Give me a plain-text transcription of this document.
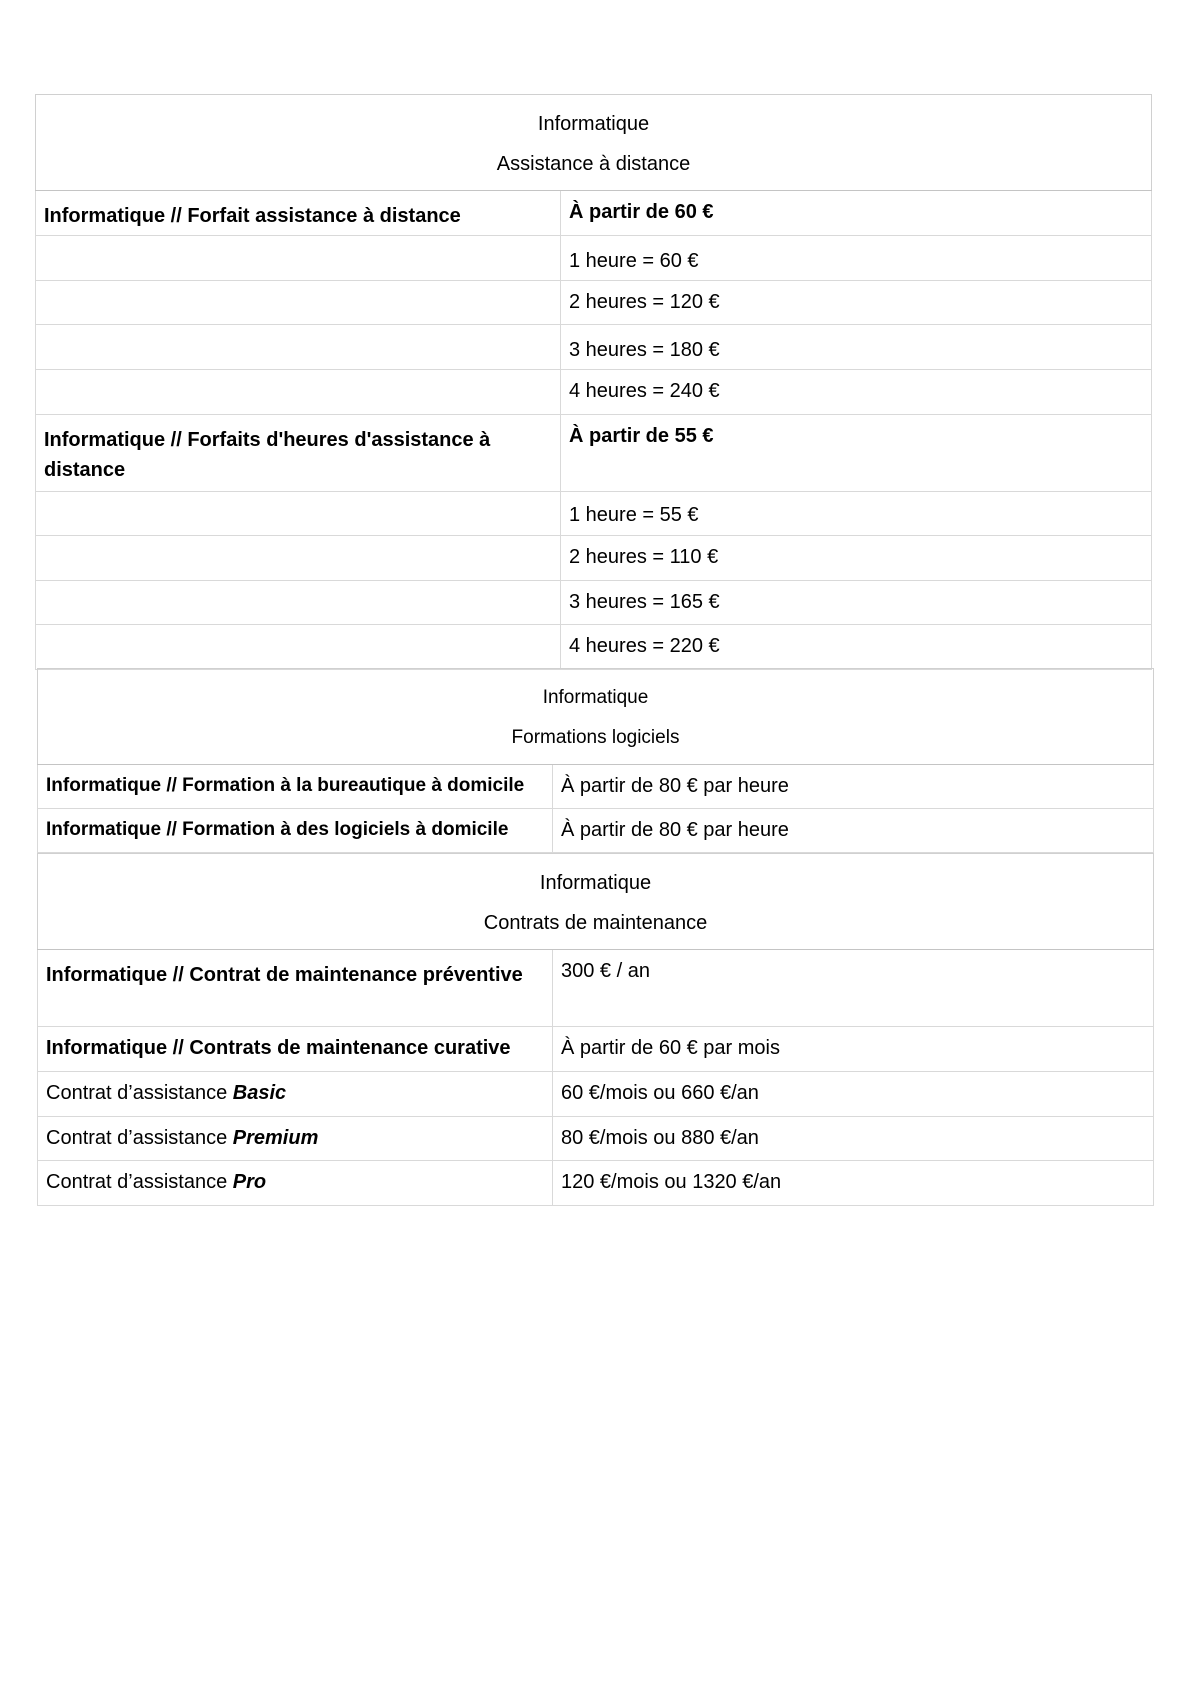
Informatique
Assistance à distance	

Informatique // Forfait assistance à distance	À partir de 60 €

	1 heure = 60 €

	2 heures = 120 €

	3 heures = 180 €

	4 heures = 240 €

Informatique // Forfaits d'heures d'assistance à distance	À partir de 55 €

	1 heure = 55 €

	2 heures = 110 €

	3 heures = 165 €

	4 heures = 220 €
Informatique
Formations logiciels	

Informatique // Formation à la bureautique à domicile	À partir de 80 € par heure

Informatique // Formation à des logiciels à domicile	À partir de 80 € par heure
Informatique
Contrats de maintenance	

Informatique // Contrat de maintenance préventive	300 € / an

Informatique // Contrats de maintenance curative	À partir de 60 € par mois

Contrat d’assistance Basic	60 €/mois ou 660 €/an

Contrat d’assistance Premium	80 €/mois ou 880 €/an

Contrat d’assistance Pro	120 €/mois ou 1320 €/an
